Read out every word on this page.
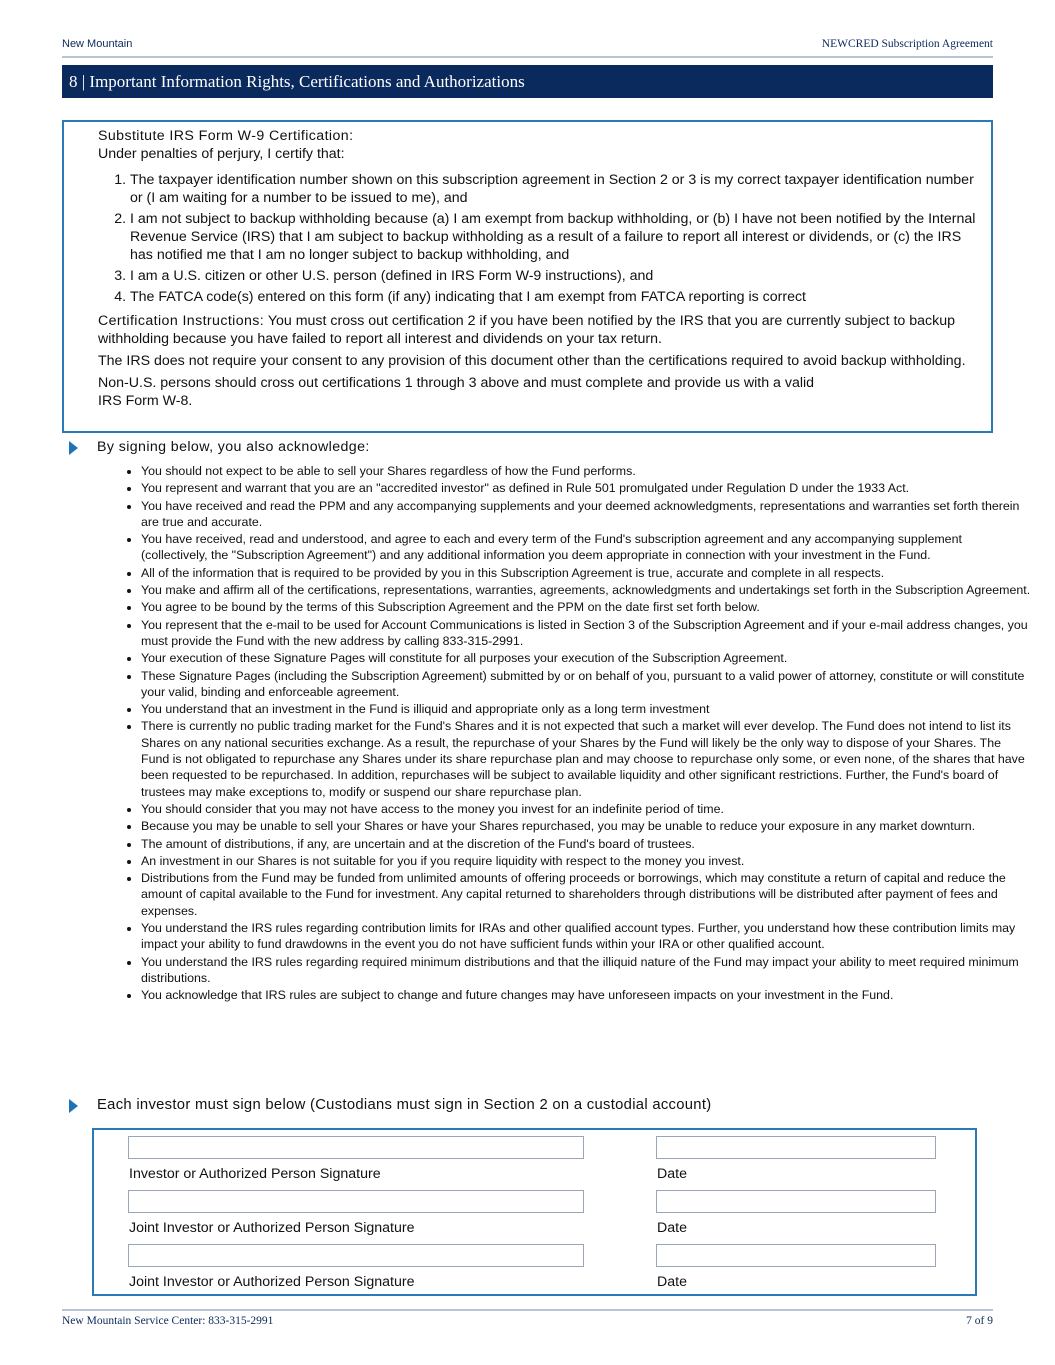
New Mountain	NEWCRED Subscription Agreement
8 | Important Information Rights, Certifications and Authorizations

Substitute IRS Form W-9 Certification:

Under penalties of perjury, I certify that:

1. The taxpayer identification number shown on this subscription agreement in Section 2 or 3 is my correct taxpayer identification number or (I am waiting for a number to be issued to me), and
2. I am not subject to backup withholding because (a) I am exempt from backup withholding, or (b) I have not been notified by the Internal Revenue Service (IRS) that I am subject to backup withholding as a result of a failure to report all interest or dividends, or (c) the IRS has notified me that I am no longer subject to backup withholding, and
3. I am a U.S. citizen or other U.S. person (defined in IRS Form W-9 instructions), and
4. The FATCA code(s) entered on this form (if any) indicating that I am exempt from FATCA reporting is correct

Certification Instructions: You must cross out certification 2 if you have been notified by the IRS that you are currently subject to backup withholding because you have failed to report all interest and dividends on your tax return.

The IRS does not require your consent to any provision of this document other than the certifications required to avoid backup withholding.

Non-U.S. persons should cross out certifications 1 through 3 above and must complete and provide us with a valid
IRS Form W-8.

By signing below, you also acknowledge:
• You should not expect to be able to sell your Shares regardless of how the Fund performs.
• You represent and warrant that you are an "accredited investor" as defined in Rule 501 promulgated under Regulation D under the 1933 Act.
• You have received and read the PPM and any accompanying supplements and your deemed acknowledgments, representations and warranties set forth therein are true and accurate.
• You have received, read and understood, and agree to each and every term of the Fund's subscription agreement and any accompanying supplement (collectively, the "Subscription Agreement") and any additional information you deem appropriate in connection with your investment in the Fund.
• All of the information that is required to be provided by you in this Subscription Agreement is true, accurate and complete in all respects.
• You make and affirm all of the certifications, representations, warranties, agreements, acknowledgments and undertakings set forth in the Subscription Agreement.
• You agree to be bound by the terms of this Subscription Agreement and the PPM on the date first set forth below.
• You represent that the e-mail to be used for Account Communications is listed in Section 3 of the Subscription Agreement and if your e-mail address changes, you must provide the Fund with the new address by calling 833-315-2991.
• Your execution of these Signature Pages will constitute for all purposes your execution of the Subscription Agreement.
• These Signature Pages (including the Subscription Agreement) submitted by or on behalf of you, pursuant to a valid power of attorney, constitute or will constitute your valid, binding and enforceable agreement.
• You understand that an investment in the Fund is illiquid and appropriate only as a long term investment
• There is currently no public trading market for the Fund's Shares and it is not expected that such a market will ever develop. The Fund does not intend to list its Shares on any national securities exchange. As a result, the repurchase of your Shares by the Fund will likely be the only way to dispose of your Shares. The Fund is not obligated to repurchase any Shares under its share repurchase plan and may choose to repurchase only some, or even none, of the shares that have been requested to be repurchased. In addition, repurchases will be subject to available liquidity and other significant restrictions. Further, the Fund's board of trustees may make exceptions to, modify or suspend our share repurchase plan.
• You should consider that you may not have access to the money you invest for an indefinite period of time.
• Because you may be unable to sell your Shares or have your Shares repurchased, you may be unable to reduce your exposure in any market downturn.
• The amount of distributions, if any, are uncertain and at the discretion of the Fund's board of trustees.
• An investment in our Shares is not suitable for you if you require liquidity with respect to the money you invest.
• Distributions from the Fund may be funded from unlimited amounts of offering proceeds or borrowings, which may constitute a return of capital and reduce the amount of capital available to the Fund for investment. Any capital returned to shareholders through distributions will be distributed after payment of fees and expenses.
• You understand the IRS rules regarding contribution limits for IRAs and other qualified account types. Further, you understand how these contribution limits may impact your ability to fund drawdowns in the event you do not have sufficient funds within your IRA or other qualified account.
• You understand the IRS rules regarding required minimum distributions and that the illiquid nature of the Fund may impact your ability to meet required minimum distributions.
• You acknowledge that IRS rules are subject to change and future changes may have unforeseen impacts on your investment in the Fund.
Each investor must sign below (Custodians must sign in Section 2 on a custodial account)
Investor or Authorized Person Signature	Date
Joint Investor or Authorized Person Signature	Date
Joint Investor or Authorized Person Signature	Date
New Mountain Service Center: 833-315-2991	7 of 9
